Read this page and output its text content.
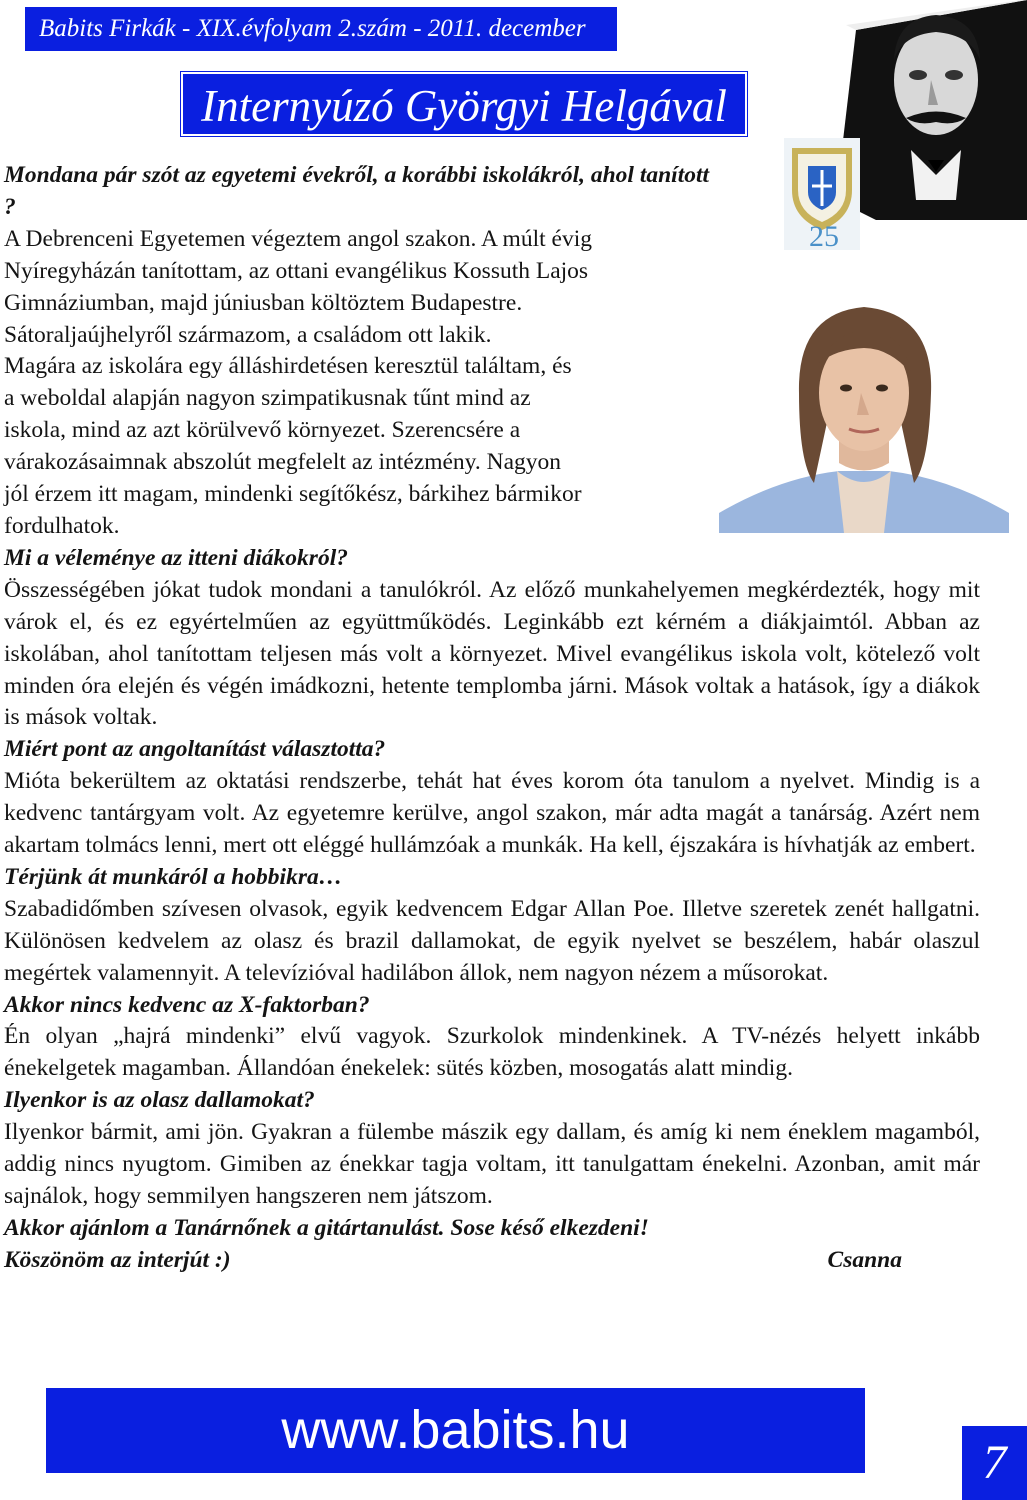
Babits Firkák - XIX.évfolyam 2.szám - 2011. december
Internyúzó Györgyi Helgával
25

Mondana pár szót az egyetemi évekről, a korábbi iskolákról, ahol tanított ?

A Debrenceni Egyetemen végeztem angol szakon. A múlt évig
Nyíregyházán tanítottam, az ottani evangélikus Kossuth Lajos
Gimnáziumban, majd júniusban költöztem Budapestre.
Sátoraljaújhelyről származom, a családom ott lakik.
Magára az iskolára egy álláshirdetésen keresztül találtam, és
a weboldal alapján nagyon szimpatikusnak tűnt mind az
iskola, mind az azt körülvevő környezet. Szerencsére a
várakozásaimnak abszolút megfelelt az intézmény. Nagyon
jól érzem itt magam, mindenki segítőkész, bárkihez bármikor
fordulhatok.

Mi a véleménye az itteni diákokról?

Összességében jókat tudok mondani a tanulókról. Az előző munkahelyemen megkérdezték, hogy mit várok el, és ez egyértelműen az együttműködés. Leginkább ezt kérném a diákjaimtól. Abban az iskolában, ahol tanítottam teljesen más volt a környezet. Mivel evangélikus iskola volt, kötelező volt minden óra elején és végén imádkozni, hetente templomba járni. Mások voltak a hatások, így a diákok is mások voltak.

Miért pont az angoltanítást választotta?

Mióta bekerültem az oktatási rendszerbe, tehát hat éves korom óta tanulom a nyelvet. Mindig is a kedvenc tantárgyam volt. Az egyetemre kerülve, angol szakon, már adta magát a tanárság. Azért nem akartam tolmács lenni, mert ott eléggé hullámzóak a munkák. Ha kell, éjszakára is hívhatják az embert.

Térjünk át munkáról a hobbikra…

Szabadidőmben szívesen olvasok, egyik kedvencem Edgar Allan Poe. Illetve szeretek zenét hallgatni. Különösen kedvelem az olasz és brazil dallamokat, de egyik nyelvet se beszélem, habár olaszul megértek valamennyit. A televízióval hadilábon állok, nem nagyon nézem a műsorokat.

Akkor nincs kedvenc az X-faktorban?

Én olyan „hajrá mindenki” elvű vagyok. Szurkolok mindenkinek. A TV-nézés helyett inkább énekelgetek magamban. Állandóan énekelek: sütés közben, mosogatás alatt mindig.

Ilyenkor is az olasz dallamokat?

Ilyenkor bármit, ami jön. Gyakran a fülembe mászik egy dallam, és amíg ki nem éneklem magamból, addig nincs nyugtom. Gimiben az énekkar tagja voltam, itt tanulgattam énekelni. Azonban, amit már sajnálok, hogy semmilyen hangszeren nem játszom.

Akkor ajánlom a Tanárnőnek a gitártanulást. Sose késő elkezdeni!

Köszönöm az interjút :)	Csanna
www.babits.hu
7
